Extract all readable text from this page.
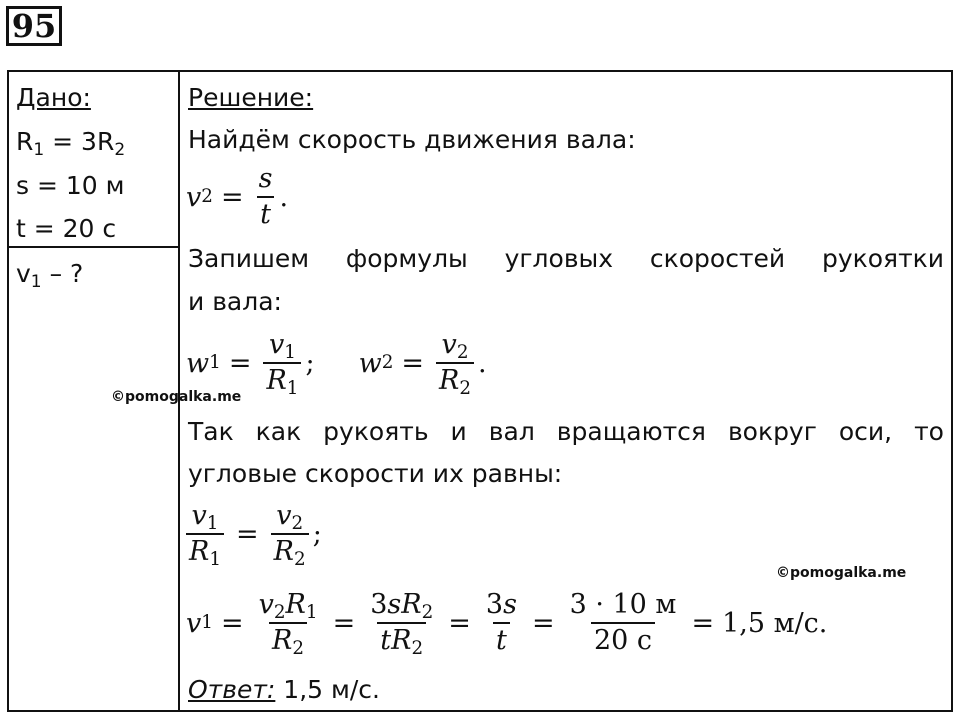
95
Дано:
$R_1 = 3R_2$
s = 10 м
t = 20 с
$v_1$ – ?
Решение:
Найдём скорость движения вала:
v $2 = \frac{s}{t}$ .
Запишем формулы угловых скоростей рукоятки
и вала:
w $1 = \frac{v_1}{R_1}$ ; w $2 = \frac{v_2}{R_2}$ .
Так как рукоять и вал вращаются вокруг оси, то
угловые скорости их равны:
$\frac{v_1}{R_1} = \frac{v_2}{R_2}$ ;
v $1 = \frac{v_2R_1}{R_2} = \frac{3sR_2}{tR_2} = \frac{3s}{t} = \frac{3 \cdot 10 м}{20 с} = 1,5$ м/с.
Ответ: 1,5 м/с.
©pomogalka.me
©pomogalka.me
